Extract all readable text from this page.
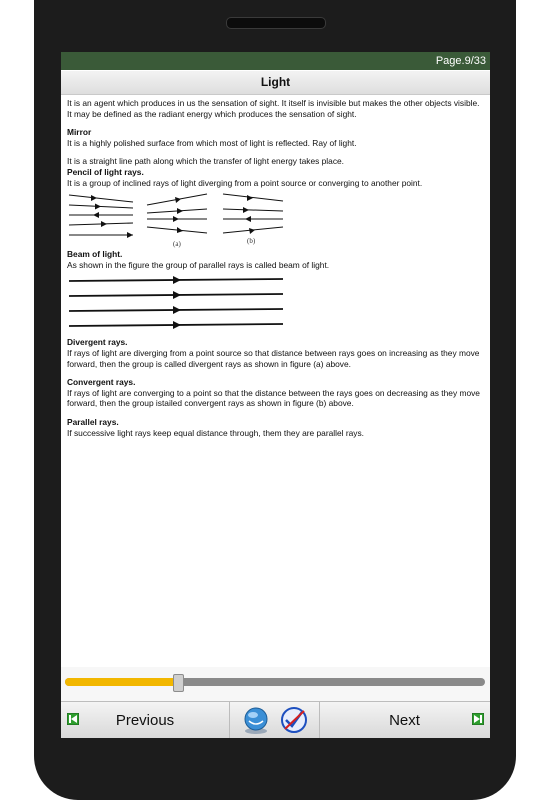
Page.9/33
Light

It is an agent which produces in us the sensation of sight. It itself is invisible but makes the other objects visible. It may be defined as the radiant energy which produces the sensation of sight.

Mirror

It is a highly polished surface from which most of light is reflected. Ray of light.

It is a straight line path along which the transfer of light energy takes place.

Pencil of light rays.

It is a group of inclined rays of light diverging from a point source or converging to another point.

(a)	(b)

Beam of light.

As shown in the figure the group of parallel rays is called beam of light.

Divergent rays.

If rays of light are diverging from a point source so that distance between rays goes on increasing as they move forward, then the group is called divergent rays as shown in figure (a) above.

Convergent rays.

If rays of light are converging to a point so that the distance between the rays goes on decreasing as they move forward, then the group istailed convergent rays as shown in figure (b) above.

Parallel rays.

If successive light rays keep equal distance through, them they are parallel rays.

Previous	Next
